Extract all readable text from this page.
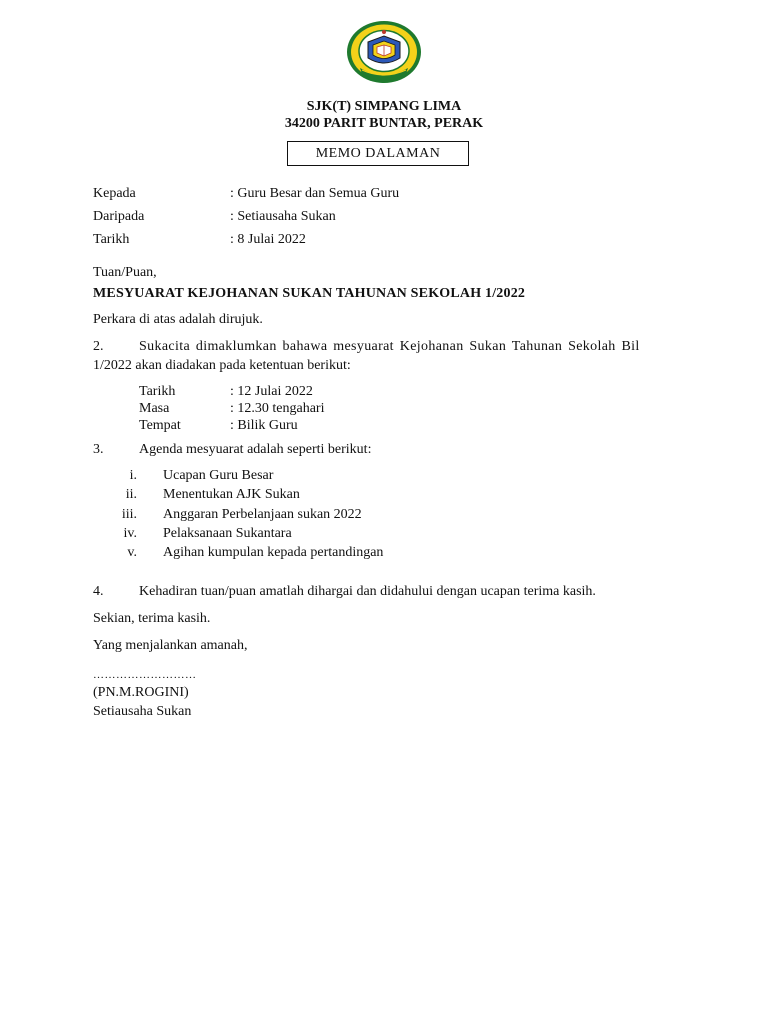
SJK(T) SIMPANG LIMA
34200 PARIT BUNTAR, PERAK
MEMO DALAMAN
Kepada	: Guru Besar dan Semua Guru
Daripada	: Setiausaha Sukan
Tarikh	: 8 Julai 2022
Tuan/Puan,
MESYUARAT KEJOHANAN SUKAN TAHUNAN SEKOLAH 1/2022
Perkara di atas adalah dirujuk.
2.	Sukacita dimaklumkan bahawa mesyuarat Kejohanan Sukan Tahunan Sekolah Bil
1/2022 akan diadakan pada ketentuan berikut:
Tarikh	: 12 Julai 2022
Masa	: 12.30 tengahari
Tempat	: Bilik Guru
3.	Agenda mesyuarat adalah seperti berikut:
i. Ucapan Guru Besar
ii. Menentukan AJK Sukan
iii. Anggaran Perbelanjaan sukan 2022
iv. Pelaksanaan Sukantara
v. Agihan kumpulan kepada pertandingan
4.	Kehadiran tuan/puan amatlah dihargai dan didahului dengan ucapan terima kasih.
Sekian, terima kasih.
Yang menjalankan amanah,
………………………
(PN.M.ROGINI)
Setiausaha Sukan
